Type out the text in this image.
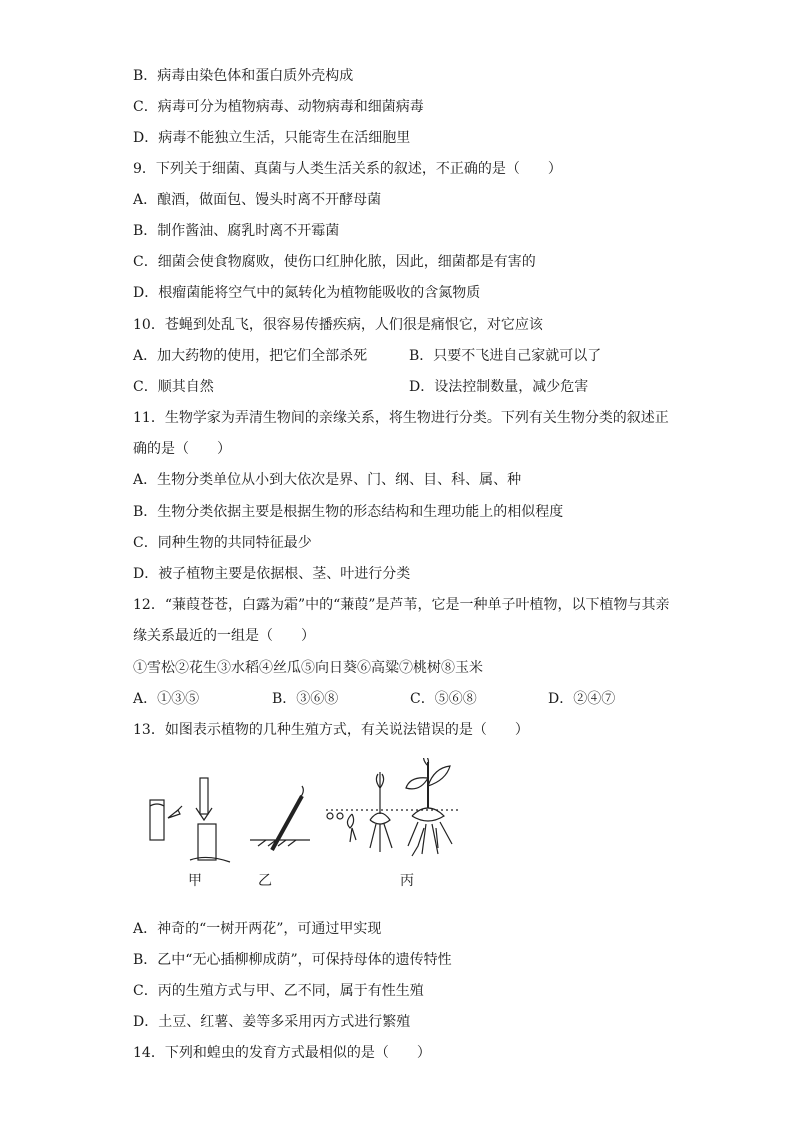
B．病毒由染色体和蛋白质外壳构成
C．病毒可分为植物病毒、动物病毒和细菌病毒
D．病毒不能独立生活，只能寄生在活细胞里
9．下列关于细菌、真菌与人类生活关系的叙述，不正确的是（　　）
A．酿酒，做面包、馒头时离不开酵母菌
B．制作酱油、腐乳时离不开霉菌
C．细菌会使食物腐败，使伤口红肿化脓，因此，细菌都是有害的
D．根瘤菌能将空气中的氮转化为植物能吸收的含氮物质
10．苍蝇到处乱飞，很容易传播疾病，人们很是痛恨它，对它应该
A．加大药物的使用，把它们全部杀死	B．只要不飞进自己家就可以了
C．顺其自然	D．设法控制数量，减少危害
11．生物学家为弄清生物间的亲缘关系，将生物进行分类。下列有关生物分类的叙述正
确的是（　　）
A．生物分类单位从小到大依次是界、门、纲、目、科、属、种
B．生物分类依据主要是根据生物的形态结构和生理功能上的相似程度
C．同种生物的共同特征最少
D．被子植物主要是依据根、茎、叶进行分类
12．“蒹葭苍苍，白露为霜”中的“蒹葭”是芦苇，它是一种单子叶植物，以下植物与其亲
缘关系最近的一组是（　　）
①雪松②花生③水稻④丝瓜⑤向日葵⑥高粱⑦桃树⑧玉米
A．①③⑤	B．③⑥⑧	C．⑤⑥⑧	D．②④⑦
13．如图表示植物的几种生殖方式，有关说法错误的是（　　）
甲	乙	丙
A．神奇的“一树开两花”，可通过甲实现
B．乙中“无心插柳柳成荫”，可保持母体的遗传特性
C．丙的生殖方式与甲、乙不同，属于有性生殖
D．土豆、红薯、姜等多采用丙方式进行繁殖
14．下列和蝗虫的发育方式最相似的是（　　）
